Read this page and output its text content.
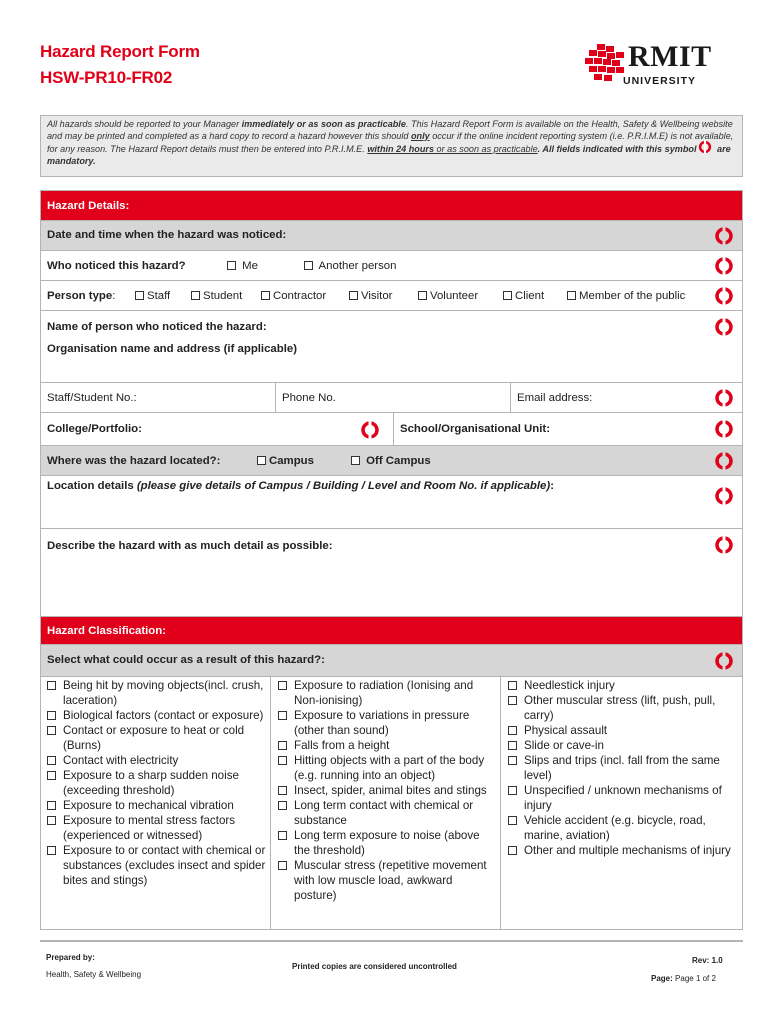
Hazard Report Form
HSW-PR10-FR02
RMIT
UNIVERSITY
All hazards should be reported to your Manager immediately or as soon as practicable. This Hazard Report Form is available on the Health, Safety & Wellbeing website and may be printed and completed as a hard copy to record a hazard however this should only occur if the online incident reporting system (i.e. P.R.I.M.E) is not available, for any reason. The Hazard Report details must then be entered into P.R.I.M.E. within 24 hours or as soon as practicable. All fields indicated with this symbol are mandatory.
Hazard Details:
Date and time when the hazard was noticed:
Who noticed this hazard?	Me	Another person
Person type:	Staff	Student	Contractor	Visitor	Volunteer	Client	Member of the public
Name of person who noticed the hazard:
Organisation name and address (if applicable)
Staff/Student No.:	Phone No.	Email address:
College/Portfolio:	School/Organisational Unit:
Where was the hazard located?:	Campus	Off Campus
Location details (please give details of Campus / Building / Level and Room No. if applicable):
Describe the hazard with as much detail as possible:
Hazard Classification:
Select what could occur as a result of this hazard?:
Being hit by moving objects(incl. crush, laceration)
Biological factors (contact or exposure)
Contact or exposure to heat or cold (Burns)
Contact with electricity
Exposure to a sharp sudden noise (exceeding threshold)
Exposure to mechanical vibration
Exposure to mental stress factors (experienced or witnessed)
Exposure to or contact with chemical or substances (excludes insect and spider bites and stings)
Exposure to radiation (Ionising and Non-ionising)
Exposure to variations in pressure (other than sound)
Falls from a height
Hitting objects with a part of the body (e.g. running into an object)
Insect, spider, animal bites and stings
Long term contact with chemical or substance
Long term exposure to noise (above the threshold)
Muscular stress (repetitive movement with low muscle load, awkward posture)
Needlestick injury
Other muscular stress (lift, push, pull, carry)
Physical assault
Slide or cave-in
Slips and trips (incl. fall from the same level)
Unspecified / unknown mechanisms of injury
Vehicle accident (e.g. bicycle, road, marine, aviation)
Other and multiple mechanisms of injury
Prepared by:
Health, Safety & Wellbeing
Printed copies are considered uncontrolled
Rev: 1.0
Page: Page 1 of 2
